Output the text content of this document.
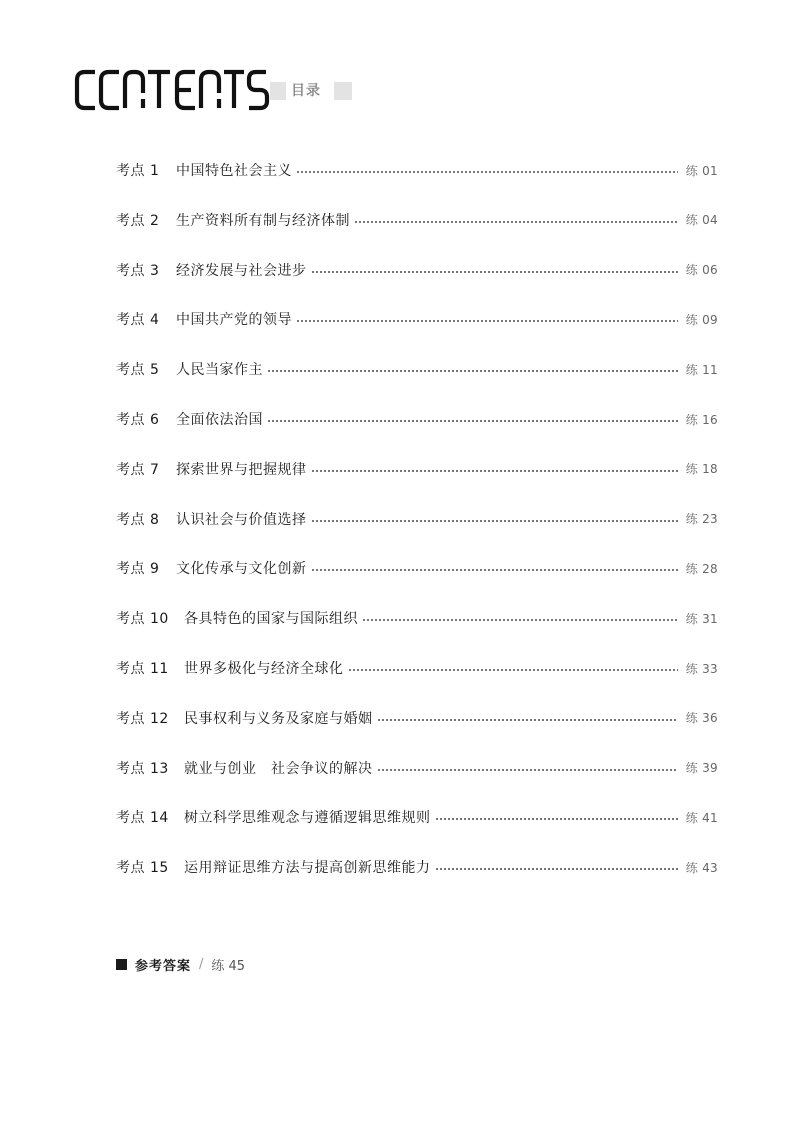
目录
考点 1	中国特色社会主义	练 01
考点 2	生产资料所有制与经济体制	练 04
考点 3	经济发展与社会进步	练 06
考点 4	中国共产党的领导	练 09
考点 5	人民当家作主	练 11
考点 6	全面依法治国	练 16
考点 7	探索世界与把握规律	练 18
考点 8	认识社会与价值选择	练 23
考点 9	文化传承与文化创新	练 28
考点 10	各具特色的国家与国际组织	练 31
考点 11	世界多极化与经济全球化	练 33
考点 12	民事权利与义务及家庭与婚姻	练 36
考点 13	就业与创业　社会争议的解决	练 39
考点 14	树立科学思维观念与遵循逻辑思维规则	练 41
考点 15	运用辩证思维方法与提高创新思维能力	练 43
参考答案 / 练 45
